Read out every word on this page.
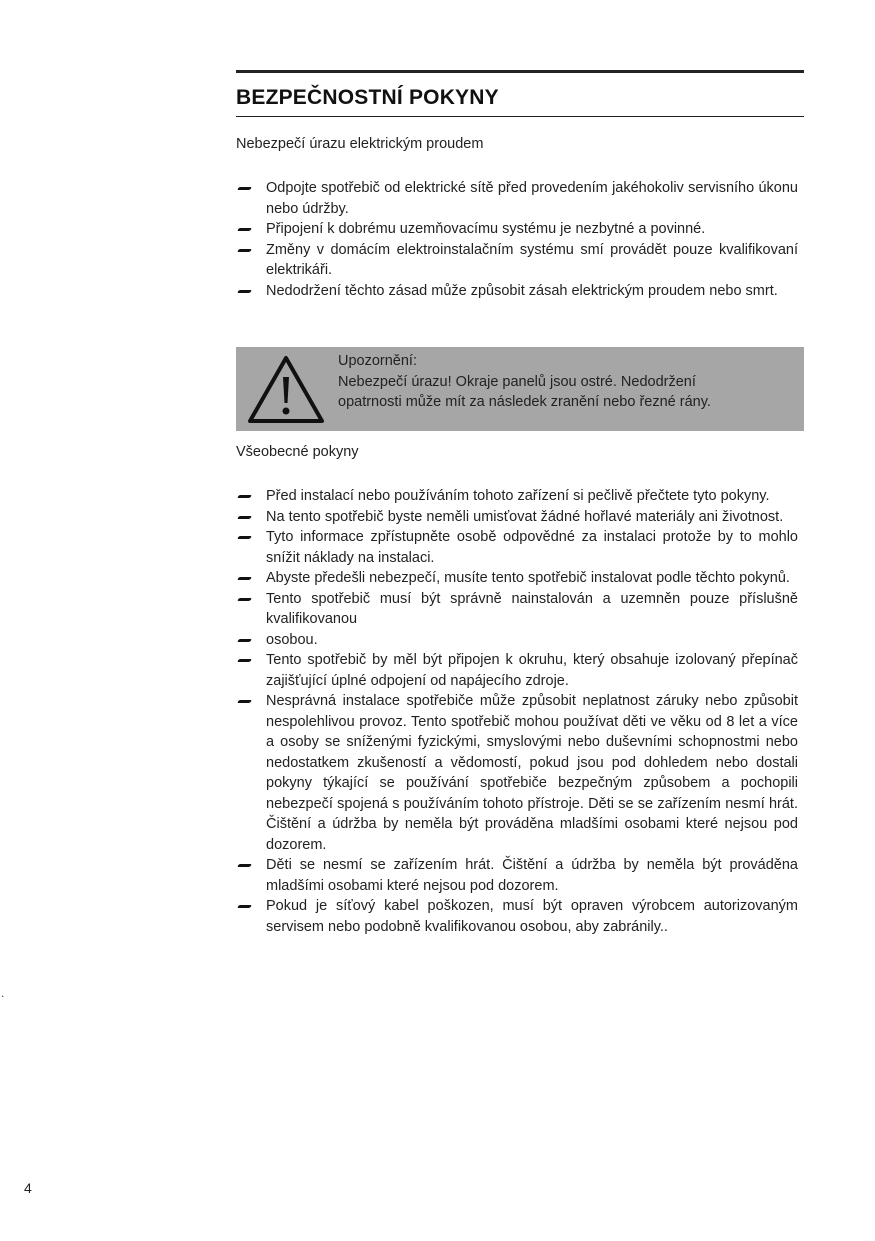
BEZPEČNOSTNÍ POKYNY
Nebezpečí úrazu elektrickým proudem
Odpojte spotřebič od elektrické sítě před provedením jakéhokoliv servisního úkonu nebo údržby.
Připojení k dobrému uzemňovacímu systému je nezbytné a povinné.
Změny v domácím elektroinstalačním systému smí provádět pouze kvalifikovaní elektrikáři.
Nedodržení těchto zásad může způsobit zásah elektrickým proudem nebo smrt.
Upozornění:
Nebezpečí úrazu! Okraje panelů jsou ostré. Nedodržení
opatrnosti může mít za následek zranění nebo řezné rány.
Všeobecné pokyny
Před instalací nebo používáním tohoto zařízení si pečlivě přečtete tyto pokyny.
Na tento spotřebič byste neměli umisťovat žádné hořlavé materiály ani životnost.
Tyto informace zpřístupněte osobě odpovědné za instalaci protože by to mohlo snížit náklady na instalaci.
Abyste předešli nebezpečí, musíte tento spotřebič instalovat podle těchto pokynů.
Tento spotřebič musí být správně nainstalován a uzemněn pouze příslušně kvalifikovanou
osobou.
Tento spotřebič by měl být připojen k okruhu, který obsahuje izolovaný přepínač zajišťující úplné odpojení od napájecího zdroje.
Nesprávná instalace spotřebiče může způsobit neplatnost záruky nebo způsobit nespolehlivou provoz. Tento spotřebič mohou používat děti ve věku od 8 let a více a osoby se sníženými fyzickými, smyslovými nebo duševními schopnostmi nebo nedostatkem zkušeností a vědomostí, pokud jsou pod dohledem nebo dostali pokyny týkající se používání spotřebiče bezpečným způsobem a pochopili nebezpečí spojená s používáním tohoto přístroje. Děti se se zařízením nesmí hrát. Čištění a údržba by neměla být prováděna mladšími osobami které nejsou pod dozorem.
Děti se nesmí se zařízením hrát. Čištění a údržba by neměla být prováděna mladšími osobami které nejsou pod dozorem.
Pokud je síťový kabel poškozen, musí být opraven výrobcem autorizovaným servisem nebo podobně kvalifikovanou osobou, aby zabránily..
.
4
